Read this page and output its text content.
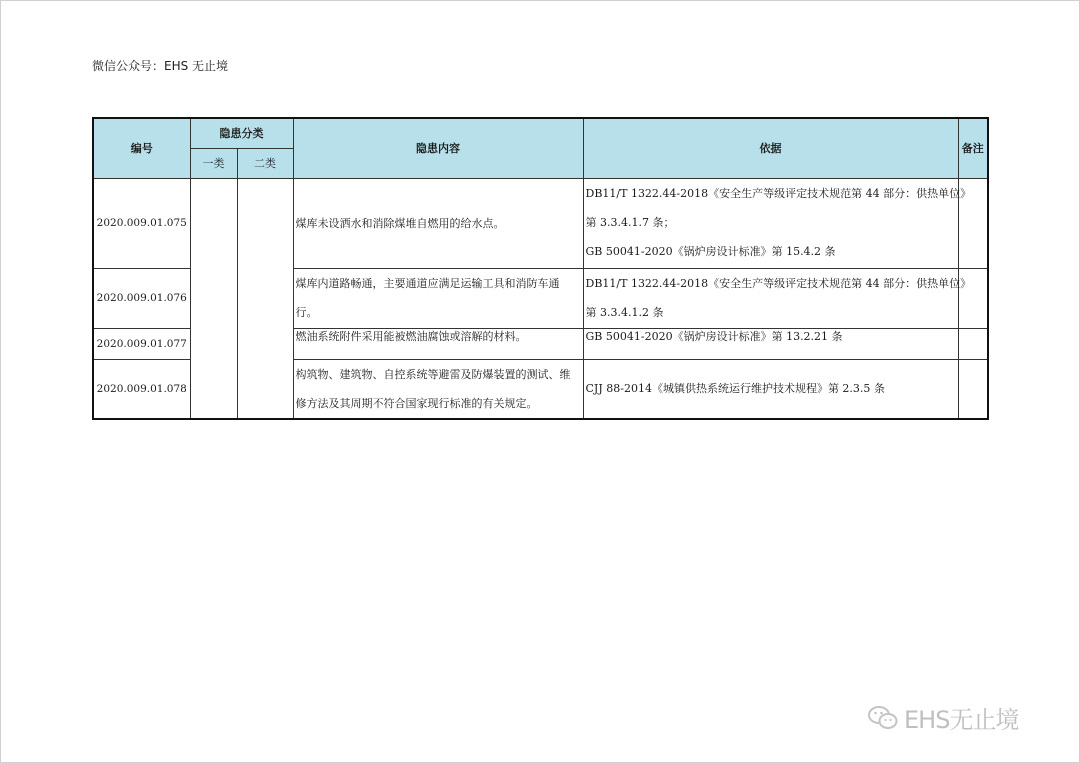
微信公众号：EHS 无止境
编号	隐患分类		隐患内容	依据	备注
	一类	二类			
2020.009.01.075			煤库未设洒水和消除煤堆自燃用的给水点。	DB11/T 1322.44-2018《安全生产等级评定技术规范第 44 部分：供热单位》
第 3.3.4.1.7 条；
GB 50041-2020《锅炉房设计标准》第 15.4.2 条	

2020.009.01.076			煤库内道路畅通，主要通道应满足运输工具和消防车通
行。	DB11/T 1322.44-2018《安全生产等级评定技术规范第 44 部分：供热单位》
第 3.3.4.1.2 条	

2020.009.01.077			燃油系统附件采用能被燃油腐蚀或溶解的材料。	GB 50041-2020《锅炉房设计标准》第 13.2.21 条	

2020.009.01.078			构筑物、建筑物、自控系统等避雷及防爆装置的测试、维
修方法及其周期不符合国家现行标准的有关规定。	CJJ 88-2014《城镇供热系统运行维护技术规程》第 2.3.5 条	

EHS无止境
